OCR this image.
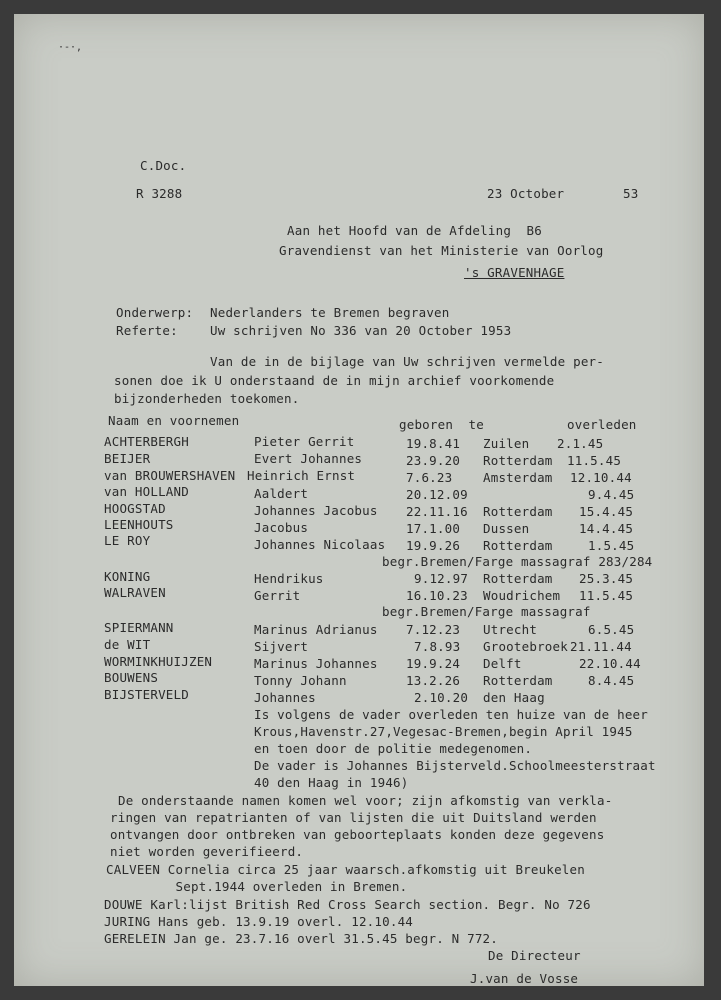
·-·,
C.Doc.
R 3288	23 October	53
Aan het Hoofd van de Afdeling  B6
Gravendienst van het Ministerie van Oorlog
's GRAVENHAGE
Onderwerp: Nederlanders te Bremen begraven
Referte:	Uw schrijven No 336 van 20 October 1953
Van de in de bijlage van Uw schrijven vermelde per-
sonen doe ik U onderstaand de in mijn archief voorkomende
bijzonderheden toekomen.
Naam en voornemen	geboren  te	overleden
ACHTERBERGH	Pieter Gerrit	19.8.41 Zuilen 2.1.45
BEIJER	Evert Johannes	23.9.20 Rotterdam 11.5.45
van BROUWERSHAVEN Heinrich Ernst	7.6.23 Amsterdam 12.10.44
van HOLLAND	Aaldert	20.12.09	9.4.45
HOOGSTAD	Johannes Jacobus 22.11.16 Rotterdam 15.4.45
LEENHOUTS	Jacobus	17.1.00 Dussen	14.4.45
LE ROY	Johannes Nicolaas 19.9.26 Rotterdam	1.5.45
begr.Bremen/Farge massagraf 283/284
KONING	Hendrikus	9.12.97 Rotterdam 25.3.45
WALRAVEN	Gerrit	16.10.23 Woudrichem 11.5.45
begr.Bremen/Farge massagraf
SPIERMANN	Marinus Adrianus 7.12.23 Utrecht	6.5.45
de WIT	Sijvert	7.8.93 Grootebroek 21.11.44
WORMINKHUIJZEN	Marinus Johannes 19.9.24 Delft	22.10.44
BOUWENS	Tonny Johann	13.2.26 Rotterdam	8.4.45
BIJSTERVELD	Johannes	2.10.20 den Haag
Is volgens de vader overleden ten huize van de heer
Krous,Havenstr.27,Vegesac-Bremen,begin April 1945
en toen door de politie medegenomen.
De vader is Johannes Bijsterveld.Schoolmeesterstraat
40 den Haag in 1946)
De onderstaande namen komen wel voor; zijn afkomstig van verkla-
ringen van repatrianten of van lijsten die uit Duitsland werden
ontvangen door ontbreken van geboorteplaats konden deze gegevens
niet worden geverifieerd.
CALVEEN Cornelia circa 25 jaar waarsch.afkomstig uit Breukelen
Sept.1944 overleden in Bremen.
DOUWE Karl:lijst British Red Cross Search section. Begr. No 726
JURING Hans geb. 13.9.19 overl. 12.10.44
GERELEIN Jan ge. 23.7.16 overl 31.5.45 begr. N 772.
De Directeur
J.van de Vosse
